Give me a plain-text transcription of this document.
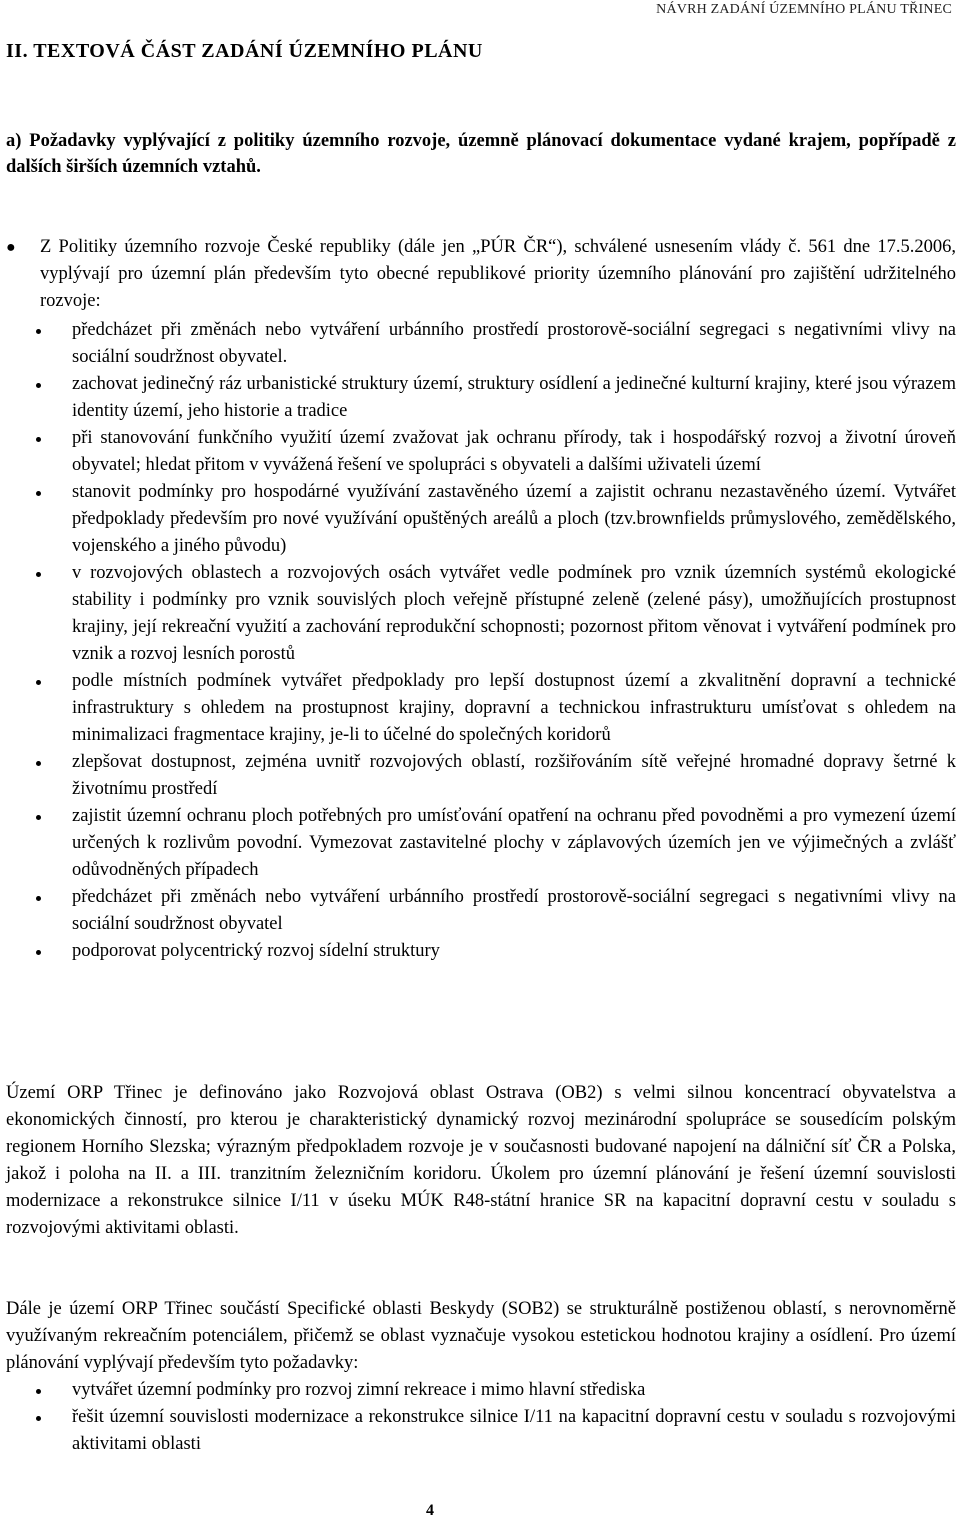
NÁVRH ZADÁNÍ ÚZEMNÍHO PLÁNU TŘINEC
II. TEXTOVÁ ČÁST ZADÁNÍ ÚZEMNÍHO PLÁNU
a) Požadavky vyplývající z politiky územního rozvoje, územně plánovací dokumentace vydané krajem, popřípadě z dalších širších územních vztahů.
● Z Politiky územního rozvoje České republiky (dále jen „PÚR ČR“), schválené usnesením vlády č. 561 dne 17.5.2006, vyplývají pro územní plán především tyto obecné republikové priority územního plánování pro zajištění udržitelného rozvoje:
předcházet při změnách nebo vytváření urbánního prostředí prostorově-sociální segregaci s negativními vlivy na sociální soudržnost obyvatel.
zachovat jedinečný ráz urbanistické struktury území, struktury osídlení a jedinečné kulturní krajiny, které jsou výrazem identity území, jeho historie a tradice
při stanovování funkčního využití území zvažovat jak ochranu přírody, tak i hospodářský rozvoj a životní úroveň obyvatel; hledat přitom v vyvážená řešení ve spolupráci s obyvateli a dalšími uživateli území
stanovit podmínky pro hospodárné využívání zastavěného území a zajistit ochranu nezastavěného území. Vytvářet předpoklady především pro nové využívání opuštěných areálů a ploch (tzv.brownfields průmyslového, zemědělského, vojenského a jiného původu)
v rozvojových oblastech a rozvojových osách vytvářet vedle podmínek pro vznik územních systémů ekologické stability i podmínky pro vznik souvislých ploch veřejně přístupné zeleně (zelené pásy), umožňujících prostupnost krajiny, její rekreační využití a zachování reprodukční schopnosti; pozornost přitom věnovat i vytváření podmínek pro vznik a rozvoj lesních porostů
podle místních podmínek vytvářet předpoklady pro lepší dostupnost území a zkvalitnění dopravní a technické infrastruktury s ohledem na prostupnost krajiny, dopravní a technickou infrastrukturu umísťovat s ohledem na minimalizaci fragmentace krajiny, je-li to účelné do společných koridorů
zlepšovat dostupnost, zejména uvnitř rozvojových oblastí, rozšiřováním sítě veřejné hromadné dopravy šetrné k životnímu prostředí
zajistit územní ochranu ploch potřebných pro umísťování opatření na ochranu před povodněmi a pro vymezení území určených k rozlivům povodní. Vymezovat zastavitelné plochy v záplavových územích jen ve výjimečných a zvlášť odůvodněných případech
předcházet při změnách nebo vytváření urbánního prostředí prostorově-sociální segregaci s negativními vlivy na sociální soudržnost obyvatel
podporovat polycentrický rozvoj sídelní struktury
Území ORP Třinec je definováno jako Rozvojová oblast Ostrava (OB2) s velmi silnou koncentrací obyvatelstva a ekonomických činností, pro kterou je charakteristický dynamický rozvoj mezinárodní spolupráce se sousedícím polským regionem Horního Slezska; výrazným předpokladem rozvoje je v současnosti budované napojení na dálniční síť ČR a Polska, jakož i poloha na II. a III. tranzitním železničním koridoru. Úkolem pro územní plánování je řešení územní souvislosti modernizace a rekonstrukce silnice I/11 v úseku MÚK R48-státní hranice SR na kapacitní dopravní cestu v souladu s rozvojovými aktivitami oblasti.
Dále je území ORP Třinec součástí Specifické oblasti Beskydy (SOB2) se strukturálně postiženou oblastí, s nerovnoměrně využívaným rekreačním potenciálem, přičemž se oblast vyznačuje vysokou estetickou hodnotou krajiny a osídlení. Pro území plánování vyplývají především tyto požadavky:
vytvářet územní podmínky pro rozvoj zimní rekreace i mimo hlavní střediska
řešit územní souvislosti modernizace a rekonstrukce silnice I/11 na kapacitní dopravní cestu v souladu s rozvojovými aktivitami oblasti
4
